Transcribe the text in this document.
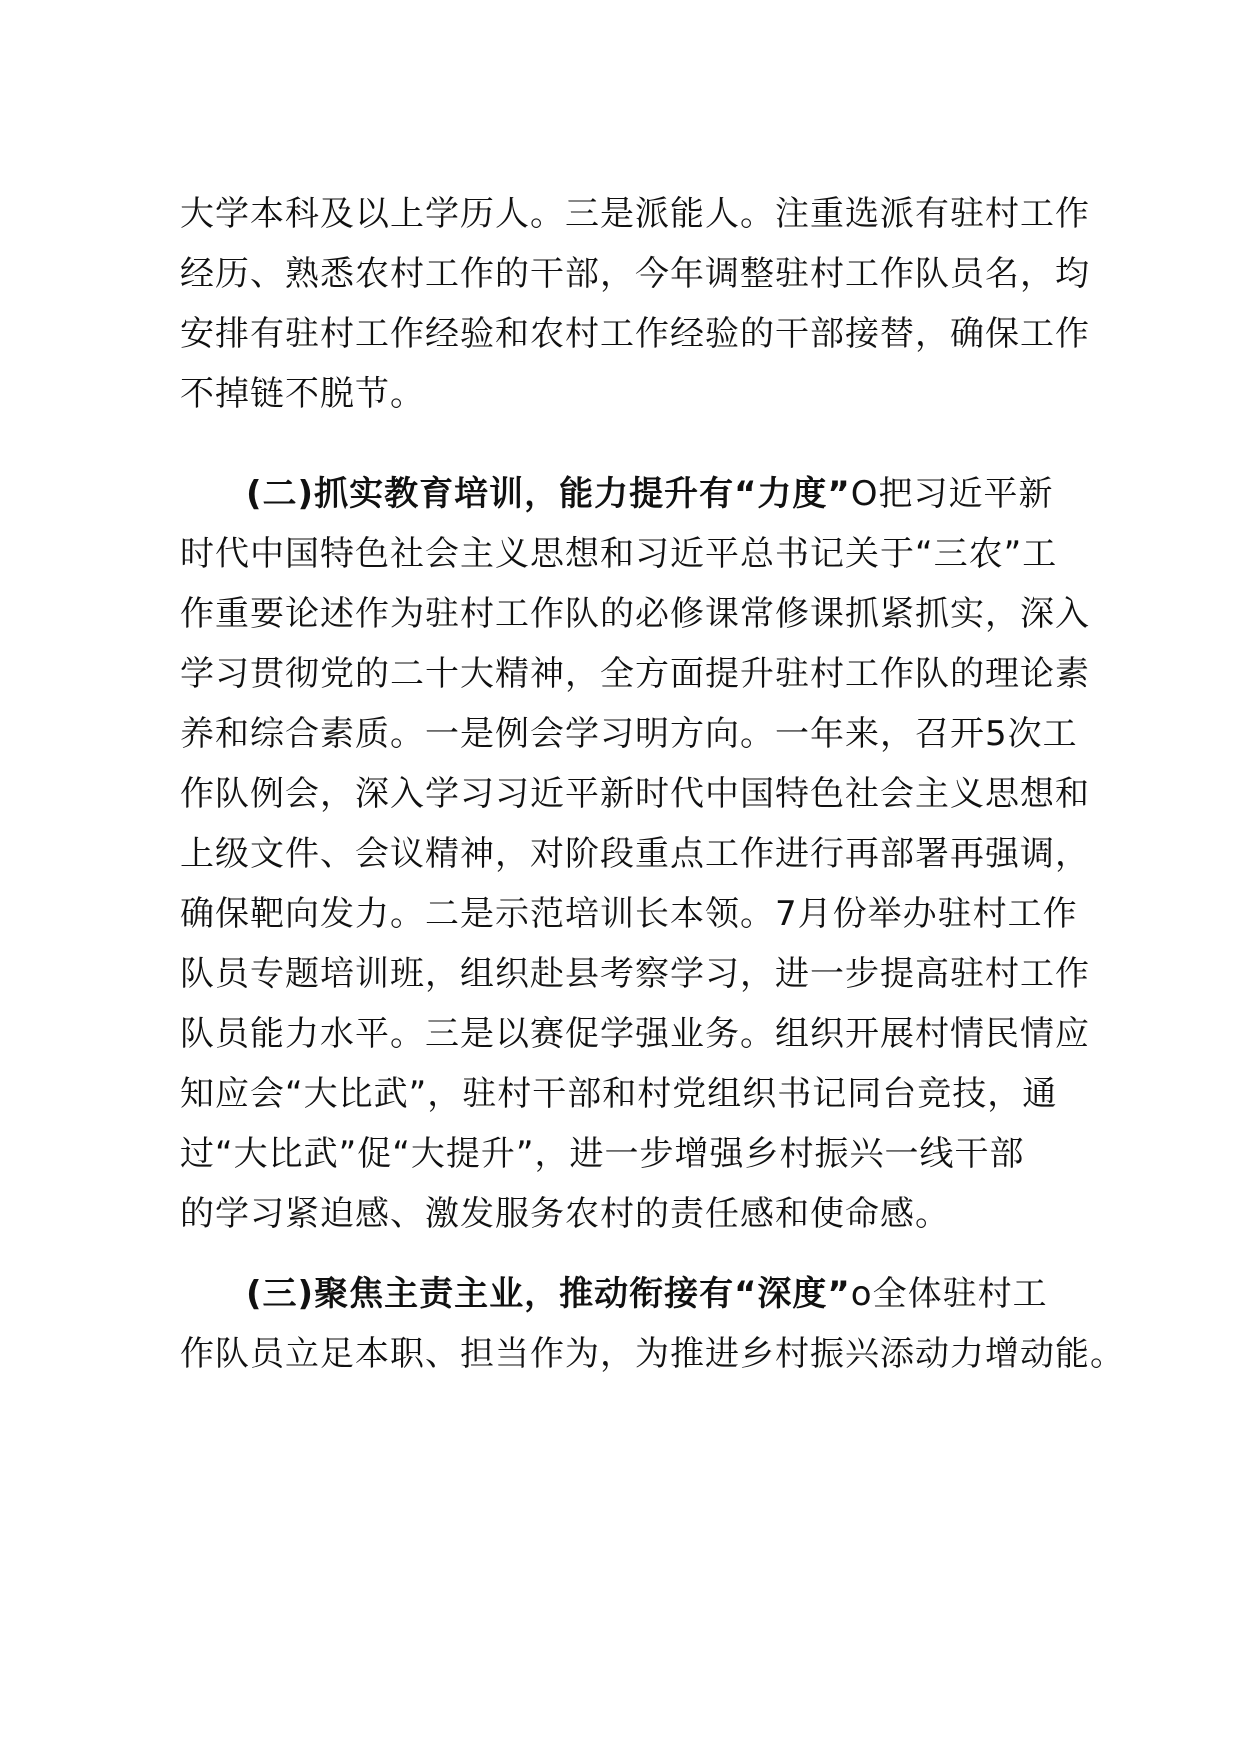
大学本科及以上学历人。三是派能人。注重选派有驻村工作
经历、熟悉农村工作的干部，今年调整驻村工作队员名，均
安排有驻村工作经验和农村工作经验的干部接替，确保工作
不掉链不脱节。
(二)抓实教育培训，能力提升有“力度”O把习近平新
时代中国特色社会主义思想和习近平总书记关于“三农”工
作重要论述作为驻村工作队的必修课常修课抓紧抓实，深入
学习贯彻党的二十大精神，全方面提升驻村工作队的理论素
养和综合素质。一是例会学习明方向。一年来，召开5次工
作队例会，深入学习习近平新时代中国特色社会主义思想和
上级文件、会议精神，对阶段重点工作进行再部署再强调，
确保靶向发力。二是示范培训长本领。7月份举办驻村工作
队员专题培训班，组织赴县考察学习，进一步提高驻村工作
队员能力水平。三是以赛促学强业务。组织开展村情民情应
知应会“大比武”，驻村干部和村党组织书记同台竞技，通
过“大比武”促“大提升”，进一步增强乡村振兴一线干部
的学习紧迫感、激发服务农村的责任感和使命感。
(三)聚焦主责主业，推动衔接有“深度”o全体驻村工
作队员立足本职、担当作为，为推进乡村振兴添动力增动能。
